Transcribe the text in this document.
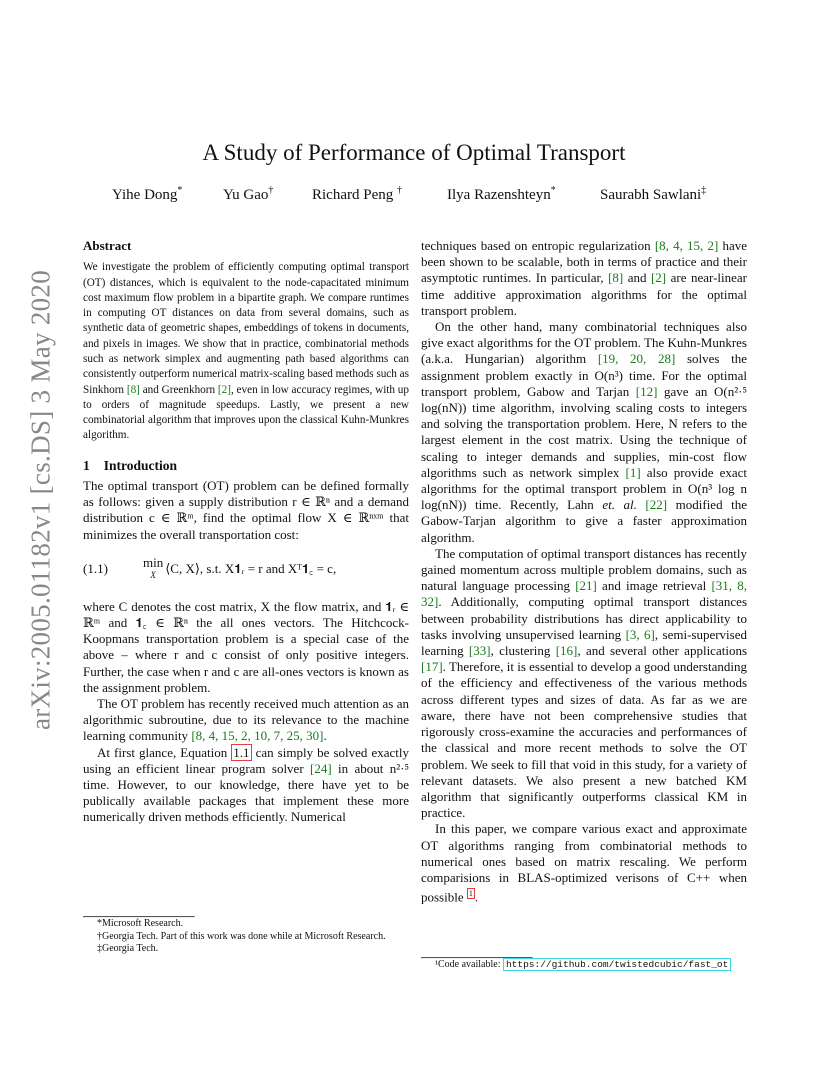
arXiv:2005.01182v1 [cs.DS] 3 May 2020
A Study of Performance of Optimal Transport
Yihe Dong*	Yu Gao†	Richard Peng †	Ilya Razenshteyn*	Saurabh Sawlani‡
Abstract

We investigate the problem of efficiently computing optimal transport (OT) distances, which is equivalent to the node-capacitated minimum cost maximum flow problem in a bipartite graph. We compare runtimes in computing OT distances on data from several domains, such as synthetic data of geometric shapes, embeddings of tokens in documents, and pixels in images. We show that in practice, combinatorial methods such as network simplex and augmenting path based algorithms can consistently outperform numerical matrix-scaling based methods such as Sinkhorn [8] and Greenkhorn [2], even in low accuracy regimes, with up to orders of magnitude speedups. Lastly, we present a new combinatorial algorithm that improves upon the classical Kuhn-Munkres algorithm.

1 Introduction

The optimal transport (OT) problem can be defined formally as follows: given a supply distribution r ∈ ℝⁿ and a demand distribution c ∈ ℝᵐ, find the optimal flow X ∈ ℝⁿˣᵐ that minimizes the overall transportation cost:

(1.1)	min
X ⟨C, X⟩, s.t. X𝟏ᵣ = r and Xᵀ𝟏꜀ = c,

where C denotes the cost matrix, X the flow matrix, and 𝟏ᵣ ∈ ℝᵐ and 𝟏꜀ ∈ ℝⁿ the all ones vectors. The Hitchcock-Koopmans transportation problem is a special case of the above – where r and c consist of only positive integers. Further, the case when r and c are all-ones vectors is known as the assignment problem.

The OT problem has recently received much attention as an algorithmic subroutine, due to its relevance to the machine learning community [8, 4, 15, 2, 10, 7, 25, 30].

At first glance, Equation 1.1 can simply be solved exactly using an efficient linear program solver [24] in about n²·⁵ time. However, to our knowledge, there have yet to be publically available packages that implement these more numerically driven methods efficiently. Numerical

*Microsoft Research.
†Georgia Tech. Part of this work was done while at Microsoft Research.
‡Georgia Tech.

techniques based on entropic regularization [8, 4, 15, 2] have been shown to be scalable, both in terms of practice and their asymptotic runtimes. In particular, [8] and [2] are near-linear time additive approximation algorithms for the optimal transport problem.

On the other hand, many combinatorial techniques also give exact algorithms for the OT problem. The Kuhn-Munkres (a.k.a. Hungarian) algorithm [19, 20, 28] solves the assignment problem exactly in O(n³) time. For the optimal transport problem, Gabow and Tarjan [12] gave an O(n²·⁵ log(nN)) time algorithm, involving scaling costs to integers and solving the transportation problem. Here, N refers to the largest element in the cost matrix. Using the technique of scaling to integer demands and supplies, min-cost flow algorithms such as network simplex [1] also provide exact algorithms for the optimal transport problem in O(n³ log n log(nN)) time. Recently, Lahn et. al. [22] modified the Gabow-Tarjan algorithm to give a faster approximation algorithm.

The computation of optimal transport distances has recently gained momentum across multiple problem domains, such as natural language processing [21] and image retrieval [31, 8, 32]. Additionally, computing optimal transport distances between probability distributions has direct applicability to tasks involving unsupervised learning [3, 6], semi-supervised learning [33], clustering [16], and several other applications [17]. Therefore, it is essential to develop a good understanding of the efficiency and effectiveness of the various methods across different types and sizes of data. As far as we are aware, there have not been comprehensive studies that rigorously cross-examine the accuracies and performances of the classical and more recent methods to solve the OT problem. We seek to fill that void in this study, for a variety of relevant datasets. We also present a new batched KM algorithm that significantly outperforms classical KM in practice.

In this paper, we compare various exact and approximate OT algorithms ranging from combinatorial methods to numerical ones based on matrix rescaling. We perform comparisions in BLAS-optimized verisons of C++ when possible $^1$ .

¹Code available: https://github.com/twistedcubic/fast_ot
